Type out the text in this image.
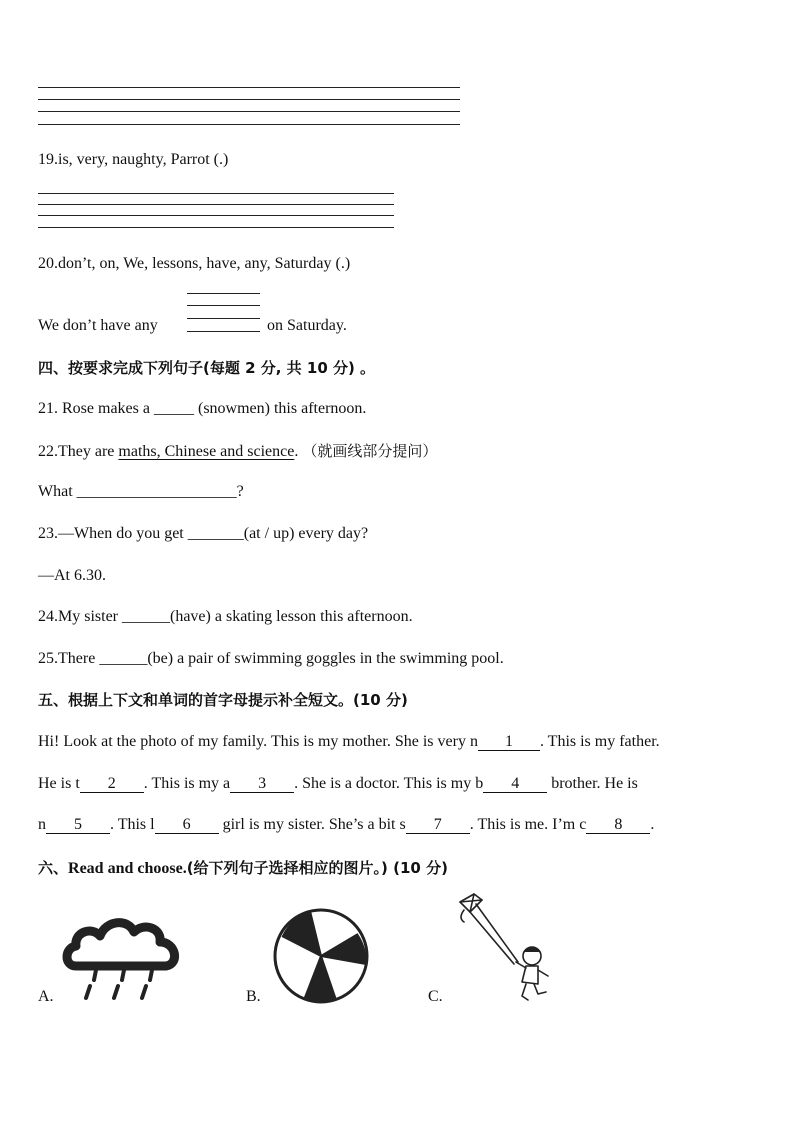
19.is, very, naughty, Parrot (.)
20.don’t, on, We, lessons, have, any, Saturday (.)
We don’t have any	on Saturday.
四、按要求完成下列句子(每题 2 分, 共 10 分) 。
21. Rose makes a _____ (snowmen) this afternoon.
22.They are maths, Chinese and science. （就画线部分提问）
What ____________________?
23.—When do you get _______(at / up) every day?
—At 6.30.
24.My sister ______(have) a skating lesson this afternoon.
25.There ______(be) a pair of swimming goggles in the swimming pool.
五、根据上下文和单词的首字母提示补全短文。(10 分)
Hi! Look at the photo of my family. This is my mother. She is very n 1 . This is my father.
He is t 2 . This is my a 3 . She is a doctor. This is my b 4 brother. He is
n 5 . This l 6 girl is my sister. She’s a bit s 7 . This is me. I’m c 8 .
六、Read and choose.(给下列句子选择相应的图片。) (10 分)
A.	B.	C.
